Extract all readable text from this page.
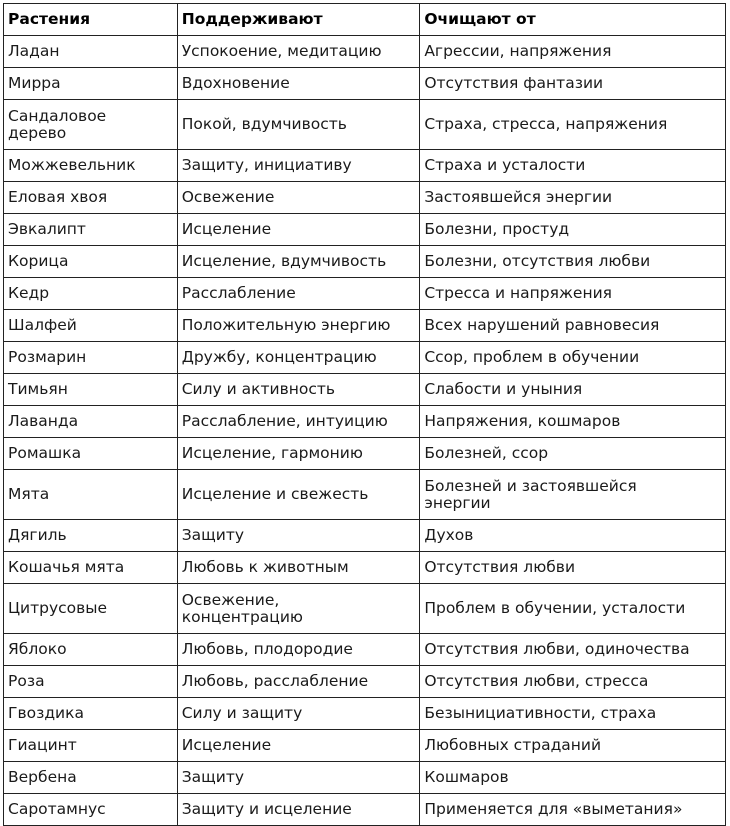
Растения	Поддерживают	Очищают от
Ладан	Успокоение, медитацию	Агрессии, напряжения
Мирра	Вдохновение	Отсутствия фантазии

Сандаловое дерево	Покой, вдумчивость	Страха, стресса, напряжения
Можжевельник	Защиту, инициативу	Страха и усталости
Еловая хвоя	Освежение	Застоявшейся энергии
Эвкалипт	Исцеление	Болезни, простуд
Корица	Исцеление, вдумчивость	Болезни, отсутствия любви
Кедр	Расслабление	Стресса и напряжения
Шалфей	Положительную энергию	Всех нарушений равновесия
Розмарин	Дружбу, концентрацию	Ссор, проблем в обучении
Тимьян	Силу и активность	Слабости и уныния
Лаванда	Расслабление, интуицию	Напряжения, кошмаров
Ромашка	Исцеление, гармонию	Болезней, ссор
Мята	Исцеление и свежесть	Болезней и застоявшейся энергии

Дягиль	Защиту	Духов
Кошачья мята	Любовь к животным	Отсутствия любви
Цитрусовые	Освежение, концентрацию	Проблем в обучении, усталости
Яблоко	Любовь, плодородие	Отсутствия любви, одиночества
Роза	Любовь, расслабление	Отсутствия любви, стресса
Гвоздика	Силу и защиту	Безынициативности, страха
Гиацинт	Исцеление	Любовных страданий
Вербена	Защиту	Кошмаров
Саротамнус	Защиту и исцеление	Применяется для «выметания»
